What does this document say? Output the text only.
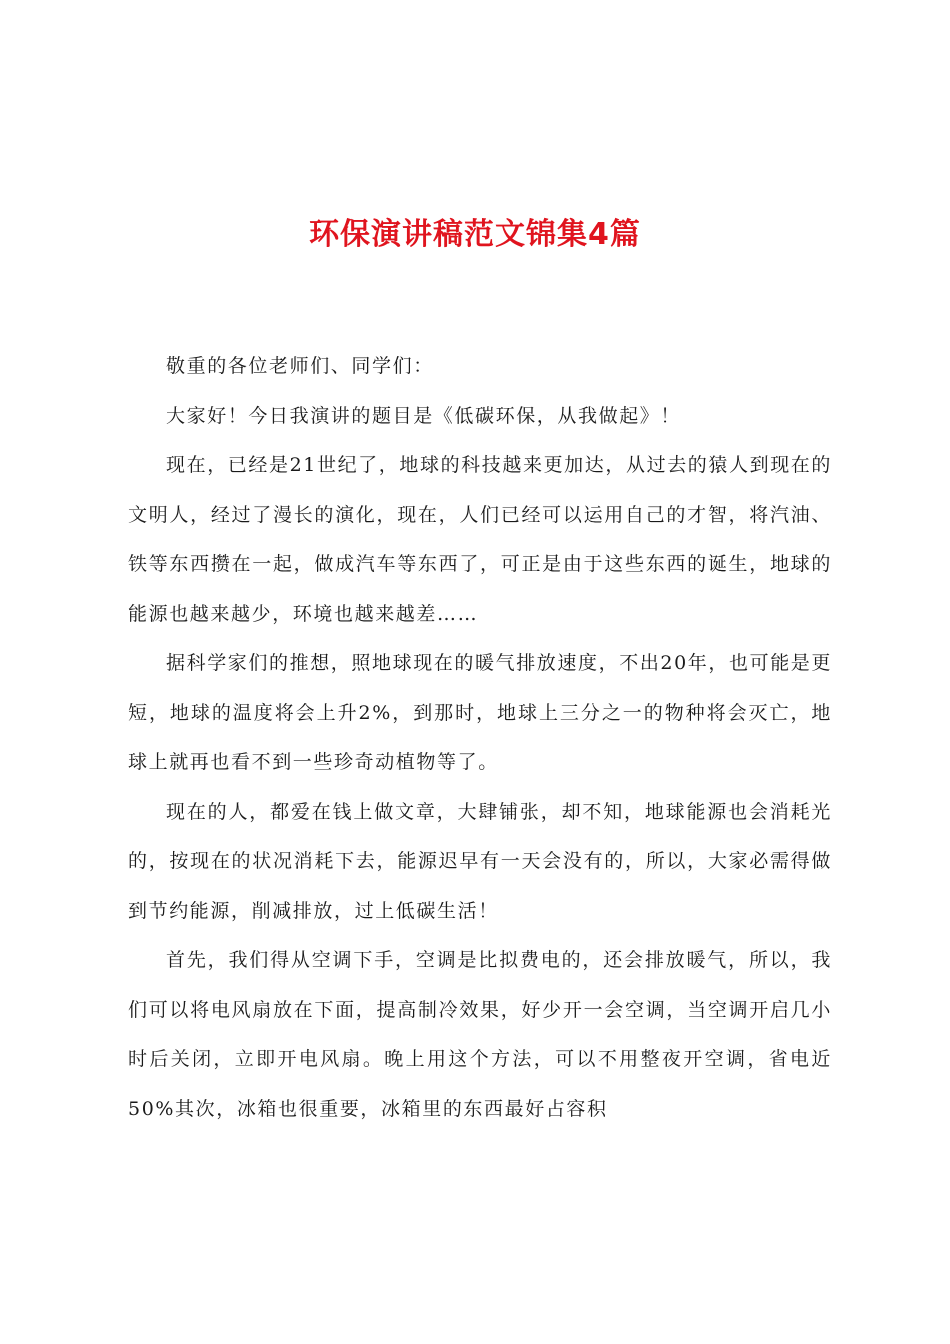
环保演讲稿范文锦集4篇

敬重的各位老师们、同学们：

大家好！今日我演讲的题目是《低碳环保，从我做起》！

现在，已经是21世纪了，地球的科技越来更加达，从过去的猿人到现在的文明人，经过了漫长的演化，现在，人们已经可以运用自己的才智，将汽油、铁等东西攒在一起，做成汽车等东西了，可正是由于这些东西的诞生，地球的能源也越来越少，环境也越来越差……

据科学家们的推想，照地球现在的暖气排放速度，不出20年，也可能是更短，地球的温度将会上升2%，到那时，地球上三分之一的物种将会灭亡，地球上就再也看不到一些珍奇动植物等了。

现在的人，都爱在钱上做文章，大肆铺张，却不知，地球能源也会消耗光的，按现在的状况消耗下去，能源迟早有一天会没有的，所以，大家必需得做到节约能源，削减排放，过上低碳生活！

首先，我们得从空调下手，空调是比拟费电的，还会排放暖气，所以，我们可以将电风扇放在下面，提高制冷效果，好少开一会空调，当空调开启几小时后关闭，立即开电风扇。晚上用这个方法，可以不用整夜开空调，省电近50%其次，冰箱也很重要，冰箱里的东西最好占容积
